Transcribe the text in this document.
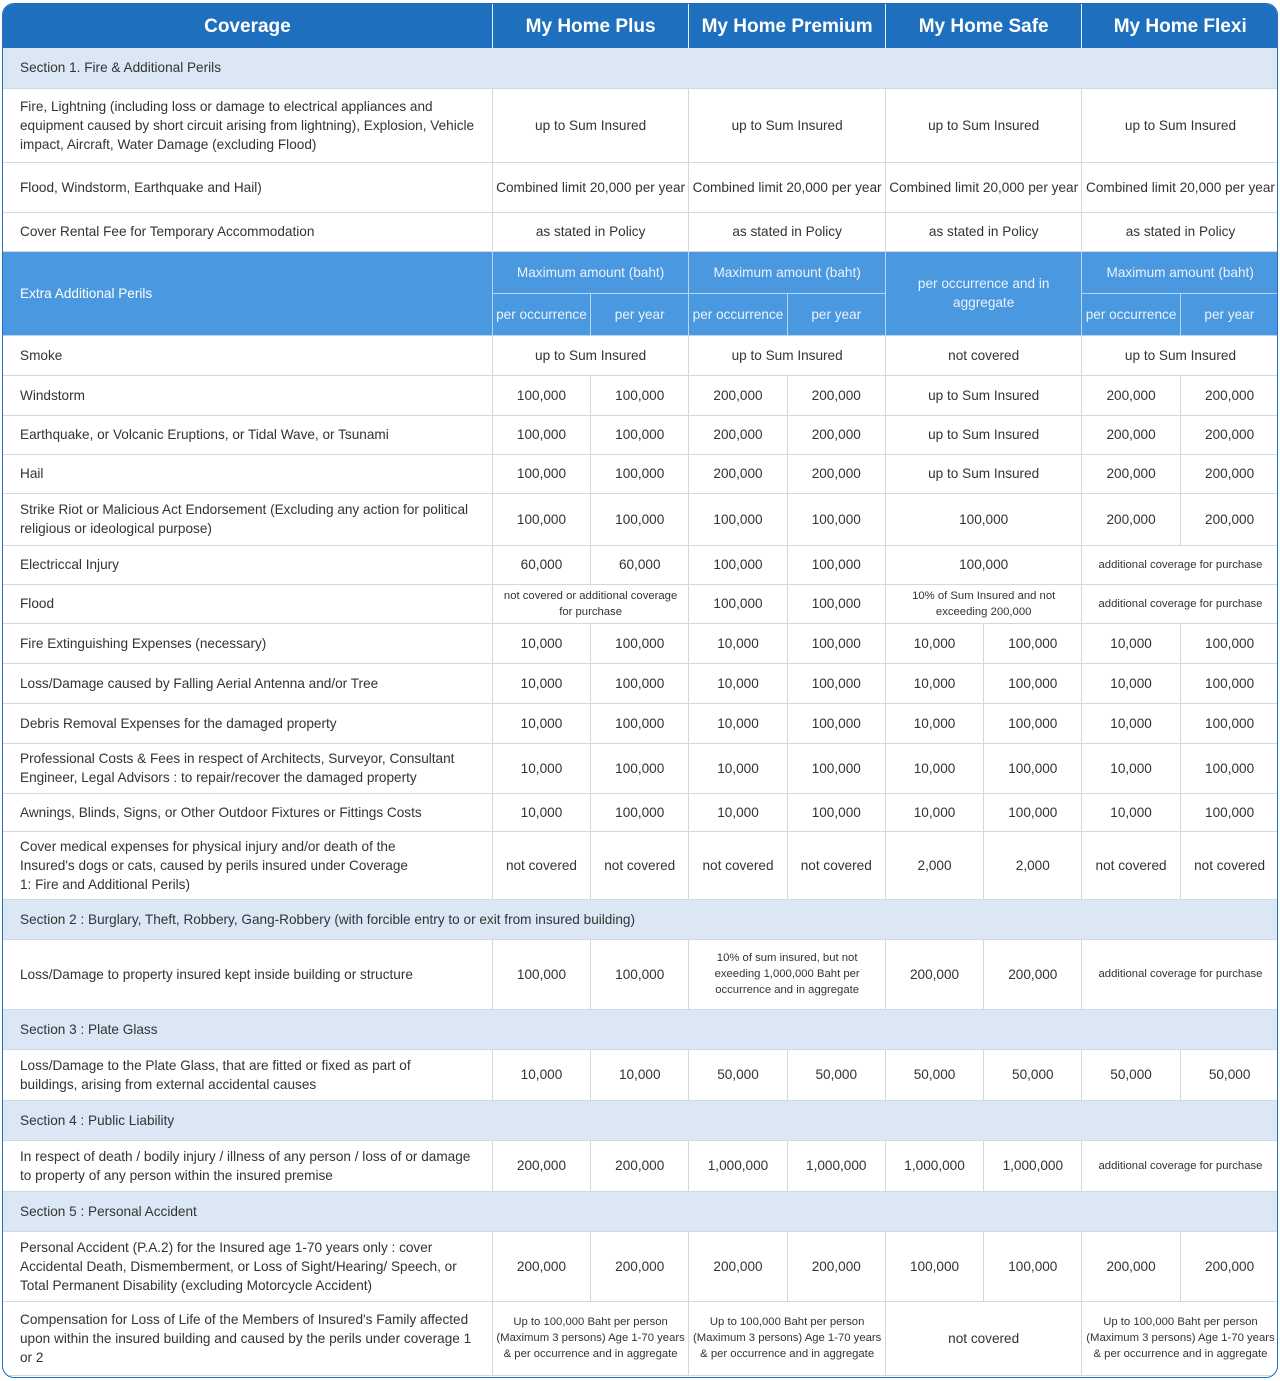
Coverage	My Home Plus		My Home Premium		My Home Safe		My Home Flexi	
Section 1. Fire & Additional Perils								
Fire, Lightning (including loss or damage to electrical appliances and equipment caused by short circuit arising from lightning), Explosion, Vehicle impact, Aircraft, Water Damage (excluding Flood)	up to Sum Insured		up to Sum Insured		up to Sum Insured		up to Sum Insured	
Flood, Windstorm, Earthquake and Hail)	Combined limit 20,000 per year		Combined limit 20,000 per year		Combined limit 20,000 per year		Combined limit 20,000 per year	
Cover Rental Fee for Temporary Accommodation	as stated in Policy		as stated in Policy		as stated in Policy		as stated in Policy	
Extra Additional Perils	Maximum amount (baht)		Maximum amount (baht)		per occurrence and in aggregate		Maximum amount (baht)	
	per occurrence	per year	per occurrence	per year			per occurrence	per year
Smoke	up to Sum Insured		up to Sum Insured		not covered		up to Sum Insured	
Windstorm	100,000	100,000	200,000	200,000	up to Sum Insured		200,000	200,000
Earthquake, or Volcanic Eruptions, or Tidal Wave, or Tsunami	100,000	100,000	200,000	200,000	up to Sum Insured		200,000	200,000
Hail	100,000	100,000	200,000	200,000	up to Sum Insured		200,000	200,000
Strike Riot or Malicious Act Endorsement (Excluding any action for political religious or ideological purpose)	100,000	100,000	100,000	100,000	100,000		200,000	200,000
Electriccal Injury	60,000	60,000	100,000	100,000	100,000		additional coverage for purchase	
Flood	not covered or additional coverage for purchase		100,000	100,000	10% of Sum Insured and not exceeding 200,000		additional coverage for purchase	
Fire Extinguishing Expenses (necessary)	10,000	100,000	10,000	100,000	10,000	100,000	10,000	100,000
Loss/Damage caused by Falling Aerial Antenna and/or Tree	10,000	100,000	10,000	100,000	10,000	100,000	10,000	100,000
Debris Removal Expenses for the damaged property	10,000	100,000	10,000	100,000	10,000	100,000	10,000	100,000
Professional Costs & Fees in respect of Architects, Surveyor, Consultant Engineer, Legal Advisors : to repair/recover the damaged property	10,000	100,000	10,000	100,000	10,000	100,000	10,000	100,000
Awnings, Blinds, Signs, or Other Outdoor Fixtures or Fittings Costs	10,000	100,000	10,000	100,000	10,000	100,000	10,000	100,000
Cover medical expenses for physical injury and/or death of the Insured's dogs or cats, caused by perils insured under Coverage 1: Fire and Additional Perils)	not covered	not covered	not covered	not covered	2,000	2,000	not covered	not covered
Section 2 : Burglary, Theft, Robbery, Gang-Robbery (with forcible entry to or exit from insured building)								
Loss/Damage to property insured kept inside building or structure	100,000	100,000	10% of sum insured, but not exeeding 1,000,000 Baht per occurrence and in aggregate		200,000	200,000	additional coverage for purchase	
Section 3 : Plate Glass								
Loss/Damage to the Plate Glass, that are fitted or fixed as part of buildings, arising from external accidental causes	10,000	10,000	50,000	50,000	50,000	50,000	50,000	50,000
Section 4 : Public Liability								
In respect of death / bodily injury / illness of any person / loss of or damage to property of any person within the insured premise	200,000	200,000	1,000,000	1,000,000	1,000,000	1,000,000	additional coverage for purchase	
Section 5 : Personal Accident								
Personal Accident (P.A.2) for the Insured age 1-70 years only : cover Accidental Death, Dismemberment, or Loss of Sight/Hearing/ Speech, or Total Permanent Disability (excluding Motorcycle Accident)	200,000	200,000	200,000	200,000	100,000	100,000	200,000	200,000
Compensation for Loss of Life of the Members of Insured's Family affected upon within the insured building and caused by the perils under coverage 1 or 2	Up to 100,000 Baht per person (Maximum 3 persons) Age 1-70 years & per occurrence and in aggregate		Up to 100,000 Baht per person (Maximum 3 persons) Age 1-70 years & per occurrence and in aggregate		not covered		Up to 100,000 Baht per person (Maximum 3 persons) Age 1-70 years & per occurrence and in aggregate	
